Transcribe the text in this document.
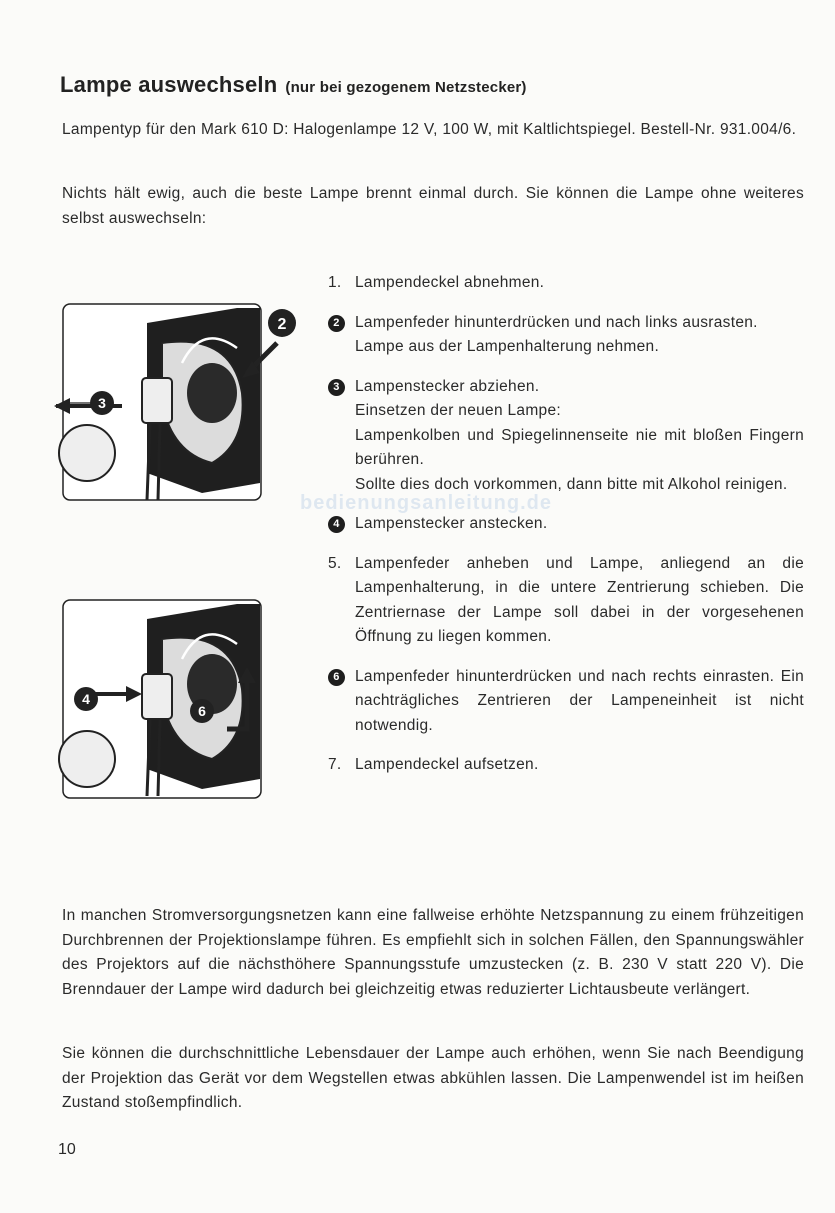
Lampe auswechseln (nur bei gezogenem Netzstecker)

Lampentyp für den Mark 610 D: Halogenlampe 12 V, 100 W, mit Kaltlichtspiegel. Bestell-Nr. 931.004/6.

Nichts hält ewig, auch die beste Lampe brennt einmal durch. Sie können die Lampe ohne weiteres selbst auswechseln:

3
2
4
6
1. Lampendeckel abnehmen.
2 Lampenfeder hinunterdrücken und nach links ausrasten.
Lampe aus der Lampenhalterung nehmen.
3 Lampenstecker abziehen.
Einsetzen der neuen Lampe:
Lampenkolben und Spiegelinnenseite nie mit bloßen Fingern berühren.
Sollte dies doch vorkommen, dann bitte mit Alkohol reinigen.
4 Lampenstecker anstecken.
5. Lampenfeder anheben und Lampe, anliegend an die Lampenhalterung, in die untere Zentrierung schieben. Die Zentriernase der Lampe soll dabei in der vorgesehenen Öffnung zu liegen kommen.
6 Lampenfeder hinunterdrücken und nach rechts einrasten. Ein nachträgliches Zentrieren der Lampeneinheit ist nicht notwendig.
7. Lampendeckel aufsetzen.
bedienungsanleitung.de

In manchen Stromversorgungsnetzen kann eine fallweise erhöhte Netzspannung zu einem frühzeitigen Durchbrennen der Projektionslampe führen. Es empfiehlt sich in solchen Fällen, den Spannungswähler des Projektors auf die nächsthöhere Spannungsstufe umzustecken (z. B. 230 V statt 220 V). Die Brenndauer der Lampe wird dadurch bei gleichzeitig etwas reduzierter Lichtausbeute verlängert.

Sie können die durchschnittliche Lebensdauer der Lampe auch erhöhen, wenn Sie nach Beendigung der Projektion das Gerät vor dem Wegstellen etwas abkühlen lassen. Die Lampenwendel ist im heißen Zustand stoßempfindlich.

10
